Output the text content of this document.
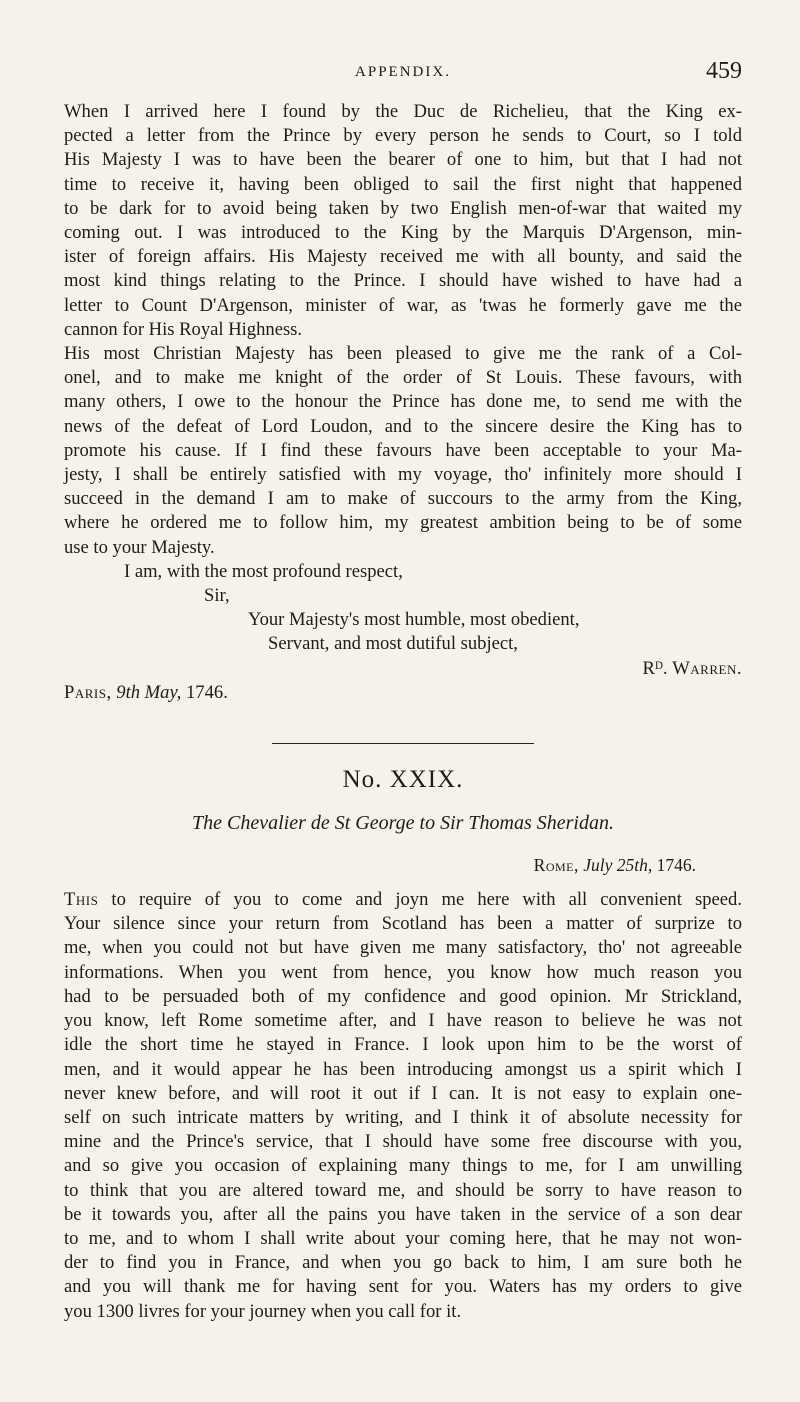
APPENDIX.	459

When I arrived here I found by the Duc de Richelieu, that the King ex-
pected a letter from the Prince by every person he sends to Court, so I told
His Majesty I was to have been the bearer of one to him, but that I had not
time to receive it, having been obliged to sail the first night that happened
to be dark for to avoid being taken by two English men-of-war that waited my
coming out. I was introduced to the King by the Marquis D'Argenson, min-
ister of foreign affairs. His Majesty received me with all bounty, and said the
most kind things relating to the Prince. I should have wished to have had a
letter to Count D'Argenson, minister of war, as 'twas he formerly gave me the
cannon for His Royal Highness.
His most Christian Majesty has been pleased to give me the rank of a Col-
onel, and to make me knight of the order of St Louis. These favours, with
many others, I owe to the honour the Prince has done me, to send me with the
news of the defeat of Lord Loudon, and to the sincere desire the King has to
promote his cause. If I find these favours have been acceptable to your Ma-
jesty, I shall be entirely satisfied with my voyage, tho' infinitely more should I
succeed in the demand I am to make of succours to the army from the King,
where he ordered me to follow him, my greatest ambition being to be of some
use to your Majesty.

I am, with the most profound respect,
Sir,
Your Majesty's most humble, most obedient,
Servant, and most dutiful subject,
Rᴰ. Warren.
Paris, 9th May, 1746.
No. XXIX.
The Chevalier de St George to Sir Thomas Sheridan.
Rome, July 25th, 1746.

This to require of you to come and joyn me here with all convenient speed.
Your silence since your return from Scotland has been a matter of surprize to
me, when you could not but have given me many satisfactory, tho' not agreeable
informations. When you went from hence, you know how much reason you
had to be persuaded both of my confidence and good opinion. Mr Strickland,
you know, left Rome sometime after, and I have reason to believe he was not
idle the short time he stayed in France. I look upon him to be the worst of
men, and it would appear he has been introducing amongst us a spirit which I
never knew before, and will root it out if I can. It is not easy to explain one-
self on such intricate matters by writing, and I think it of absolute necessity for
mine and the Prince's service, that I should have some free discourse with you,
and so give you occasion of explaining many things to me, for I am unwilling
to think that you are altered toward me, and should be sorry to have reason to
be it towards you, after all the pains you have taken in the service of a son dear
to me, and to whom I shall write about your coming here, that he may not won-
der to find you in France, and when you go back to him, I am sure both he
and you will thank me for having sent for you. Waters has my orders to give
you 1300 livres for your journey when you call for it.
